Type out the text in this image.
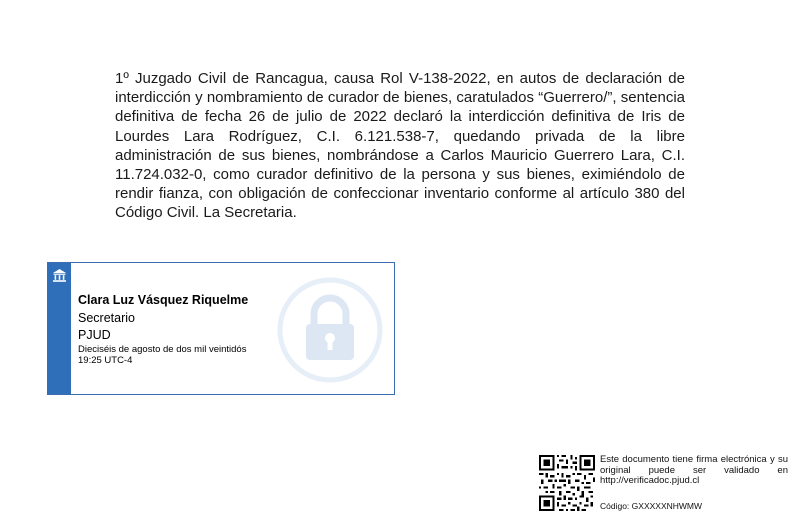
1º Juzgado Civil de Rancagua, causa Rol V-138-2022, en autos de declaración de interdicción y nombramiento de curador de bienes, caratulados “Guerrero/”, sentencia definitiva de fecha 26 de julio de 2022 declaró la interdicción definitiva de Iris de Lourdes Lara Rodríguez, C.I. 6.121.538-7, quedando privada de la libre administración de sus bienes, nombrándose a Carlos Mauricio Guerrero Lara, C.I. 11.724.032-0, como curador definitivo de la persona y sus bienes, eximiéndolo de rendir fianza, con obligación de confeccionar inventario conforme al artículo 380 del Código Civil. La Secretaria.

Clara Luz Vásquez Riquelme
Secretario
PJUD
Dieciséis de agosto de dos mil veintidós
19:25 UTC-4
Este documento tiene firma electrónica y su original puede ser validado en http://verificadoc.pjud.cl
Código: GXXXXXNHWMW
